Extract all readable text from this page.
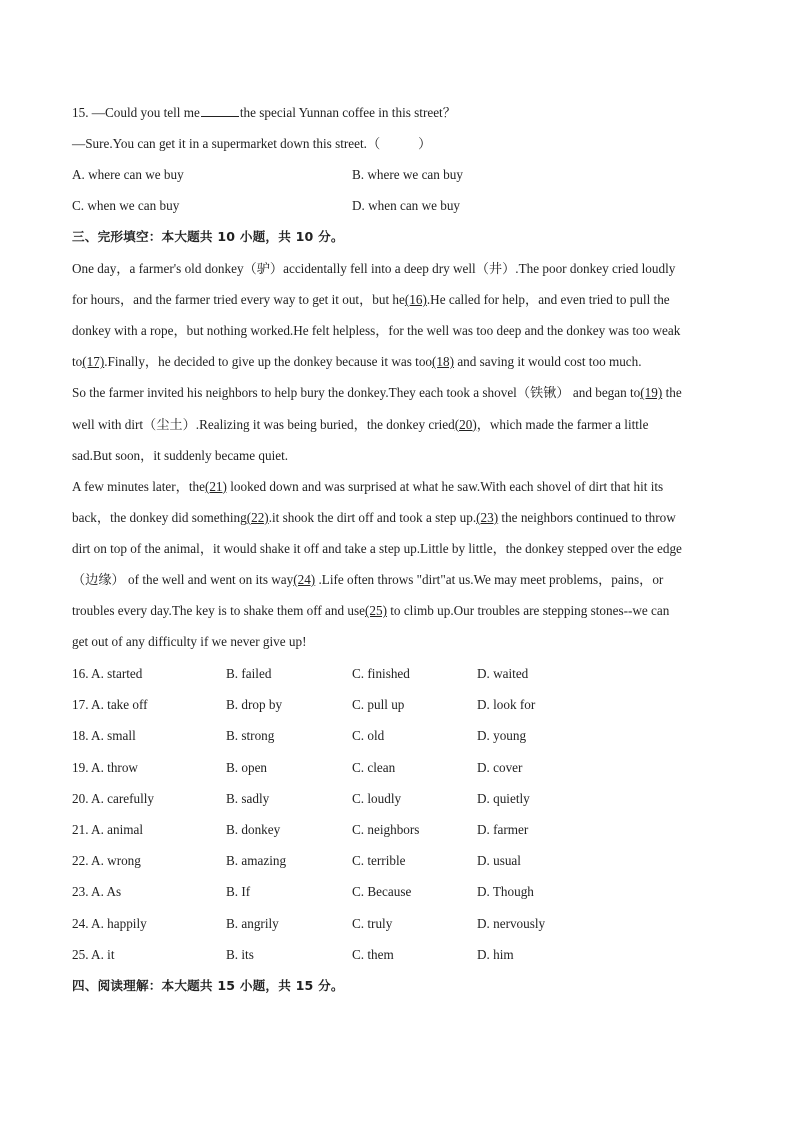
15. —Could you tell me	the special Yunnan coffee in this street？
—Sure.You can get it in a supermarket down this street.（	）
A. where can we buy	B. where we can buy
C. when we can buy	D. when can we buy
三、完形填空：本大题共 10 小题，共 10 分。
One day，a farmer's old donkey（驴）accidentally fell into a deep dry well（井）.The poor donkey cried loudly
for hours，and the farmer tried every way to get it out，but he(16).He called for help，and even tried to pull the
donkey with a rope，but nothing worked.He felt helpless，for the well was too deep and the donkey was too weak
to(17).Finally，he decided to give up the donkey because it was too(18) and saving it would cost too much.
So the farmer invited his neighbors to help bury the donkey.They each took a shovel（铁锹） and began to(19) the
well with dirt（尘土）.Realizing it was being buried，the donkey cried(20)，which made the farmer a little
sad.But soon，it suddenly became quiet.
A few minutes later，the(21) looked down and was surprised at what he saw.With each shovel of dirt that hit its
back，the donkey did something(22).it shook the dirt off and took a step up.(23) the neighbors continued to throw
dirt on top of the animal，it would shake it off and take a step up.Little by little，the donkey stepped over the edge
（边缘） of the well and went on its way(24) .Life often throws "dirt"at us.We may meet problems，pains，or
troubles every day.The key is to shake them off and use(25) to climb up.Our troubles are stepping stones--we can
get out of any difficulty if we never give up!
16. A. started	B. failed	C. finished	D. waited
17. A. take off	B. drop by	C. pull up	D. look for
18. A. small	B. strong	C. old	D. young
19. A. throw	B. open	C. clean	D. cover
20. A. carefully	B. sadly	C. loudly	D. quietly
21. A. animal	B. donkey	C. neighbors	D. farmer
22. A. wrong	B. amazing	C. terrible	D. usual
23. A. As	B. If	C. Because	D. Though
24. A. happily	B. angrily	C. truly	D. nervously
25. A. it	B. its	C. them	D. him
四、阅读理解：本大题共 15 小题，共 15 分。
